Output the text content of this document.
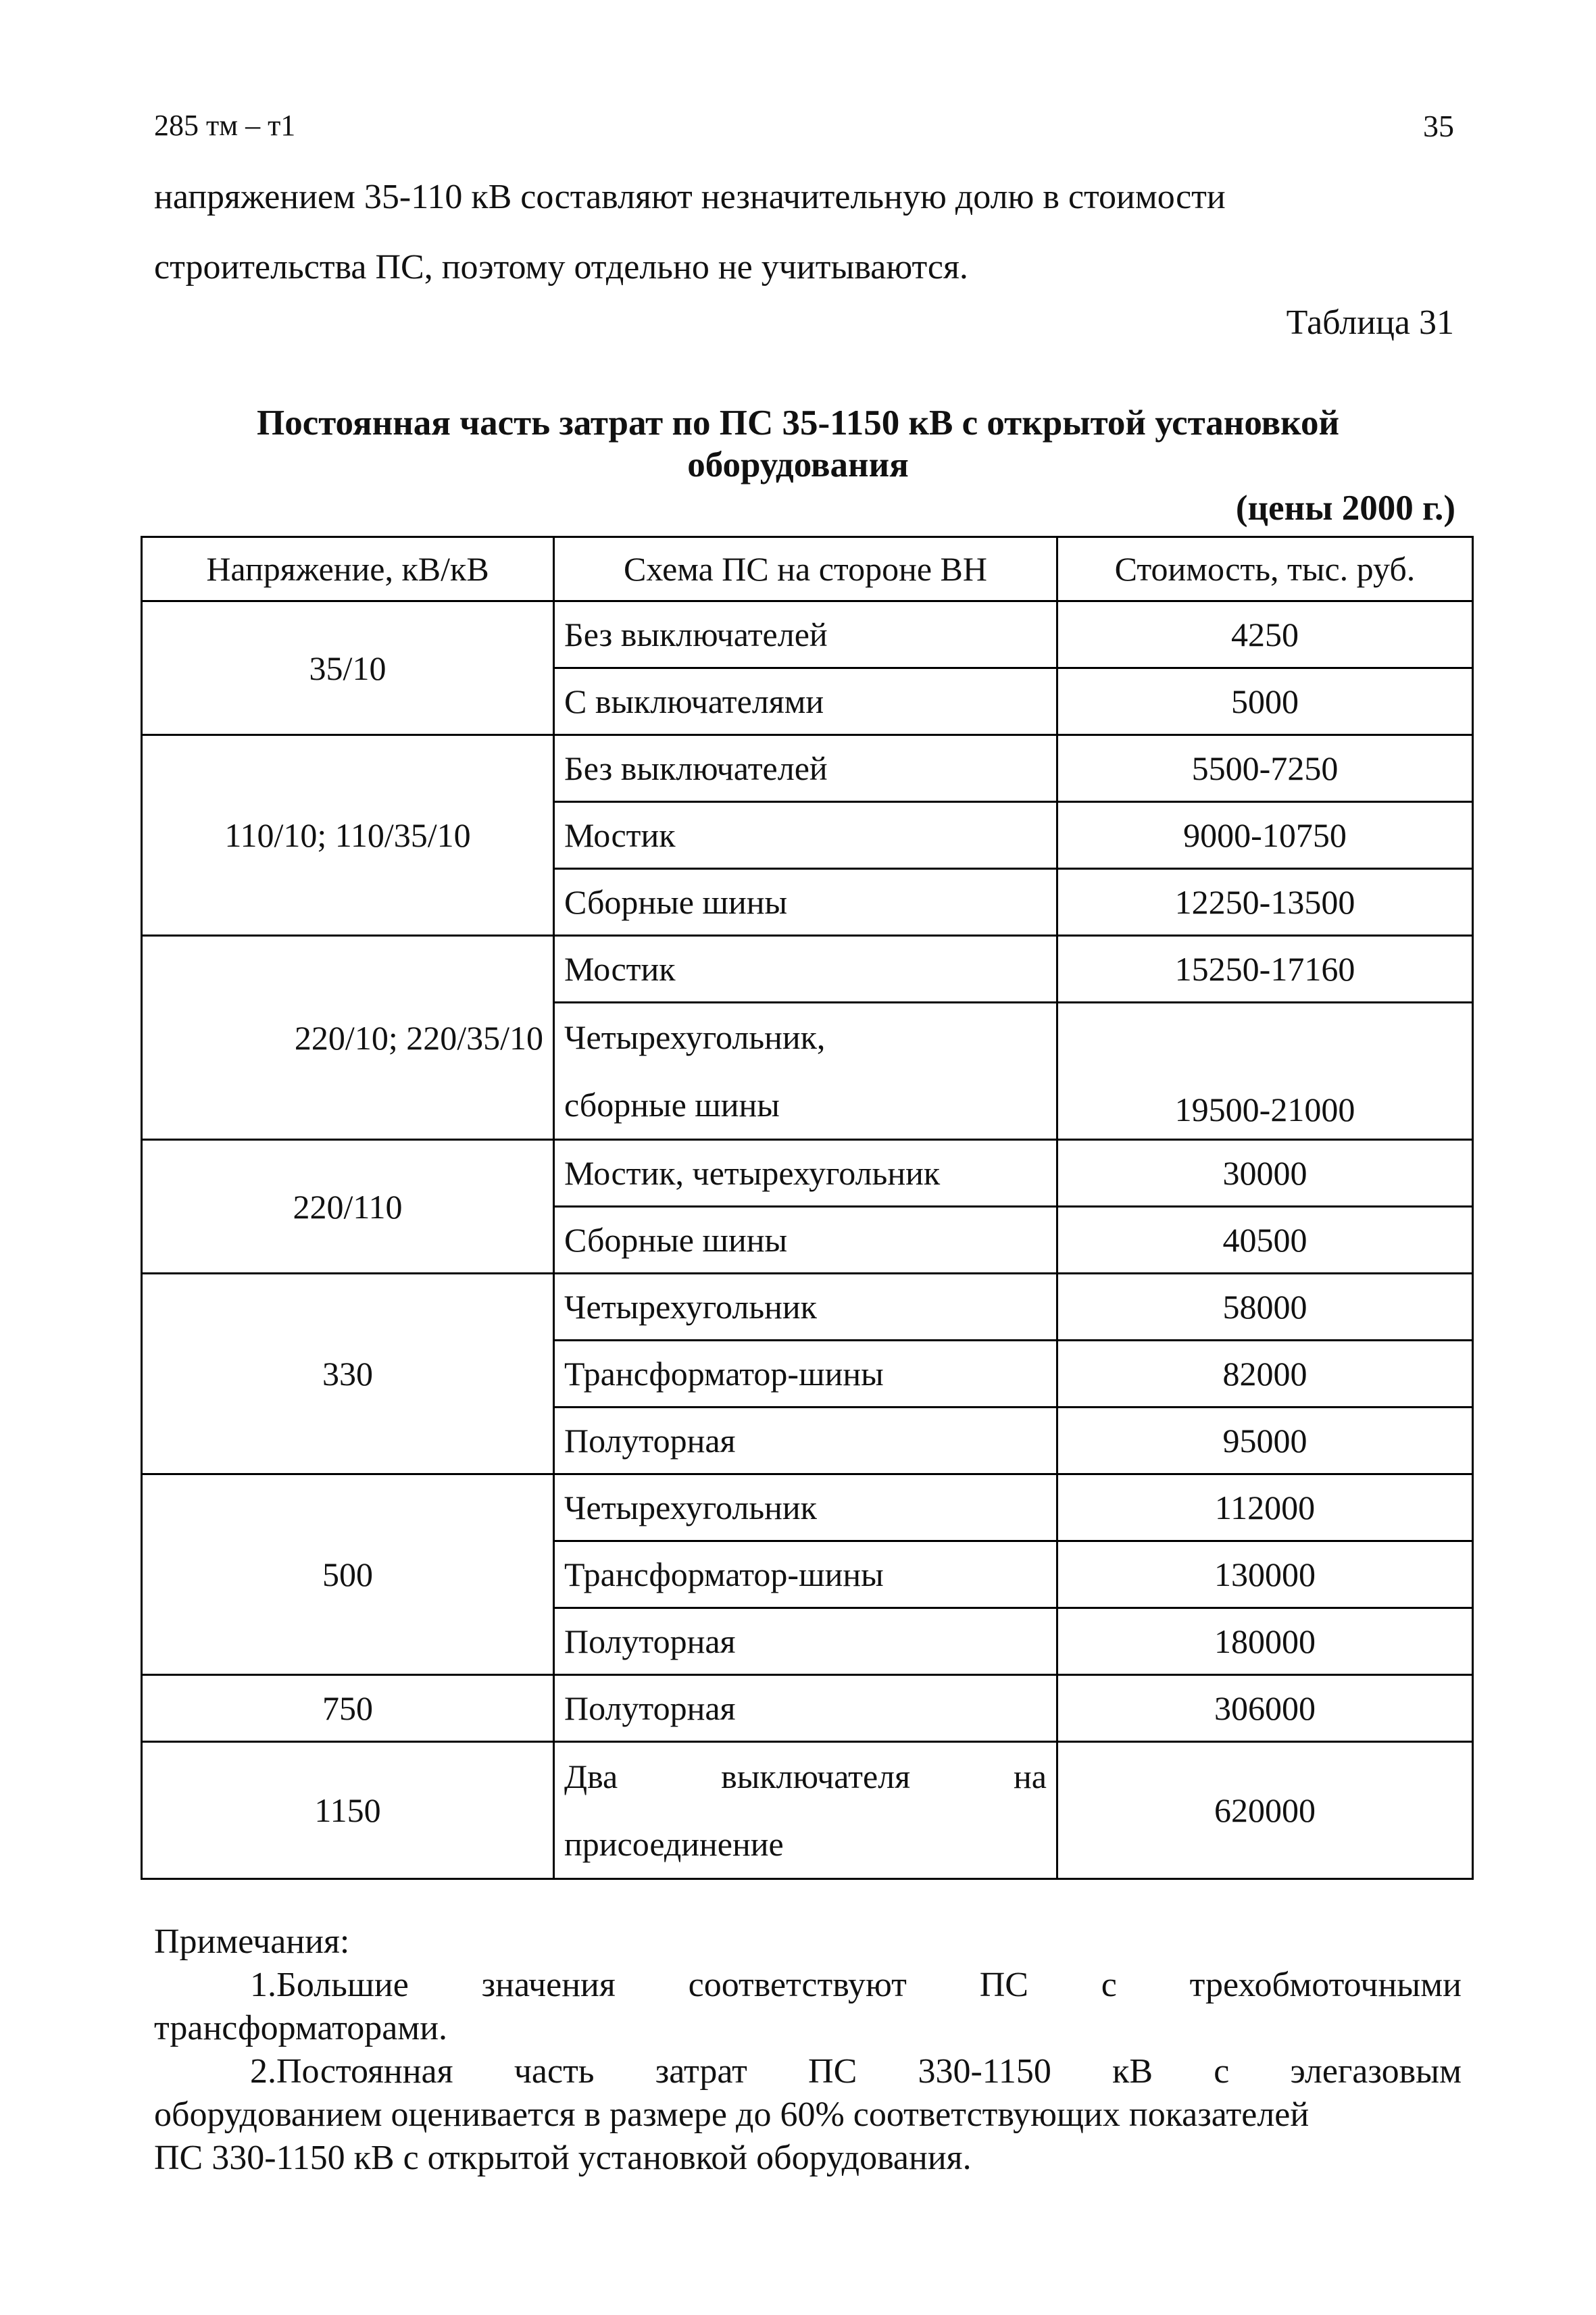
285 тм – т1	35
напряжением 35-110 кВ составляют незначительную долю в стоимости
строительства ПС, поэтому отдельно не учитываются.
Таблица 31
Постоянная часть затрат по ПС 35-1150 кВ с открытой установкой
оборудования
(цены 2000 г.)
Напряжение, кВ/кВ	Схема ПС на стороне ВН	Стоимость, тыс. руб.
35/10	Без выключателей	4250
	С выключателями	5000
110/10; 110/35/10	Без выключателей	5500-7250
	Мостик	9000-10750
	Сборные шины	12250-13500
220/10; 220/35/10	Мостик	15250-17160

	Четырехугольник,
сборные шины	19500-21000
220/110	Мостик, четырехугольник	30000
	Сборные шины	40500
330	Четырехугольник	58000
	Трансформатор-шины	82000
	Полуторная	95000
500	Четырехугольник	112000
	Трансформатор-шины	130000
	Полуторная	180000
750	Полуторная	306000
1150	Два выключателя на
присоединение	620000
Примечания:
1.Большие значения соответствуют ПС с трехобмоточными
трансформаторами.
2.Постоянная часть затрат ПС 330-1150 кВ с элегазовым
оборудованием оценивается в размере до 60% соответствующих показателей
ПС 330-1150 кВ с открытой установкой оборудования.
